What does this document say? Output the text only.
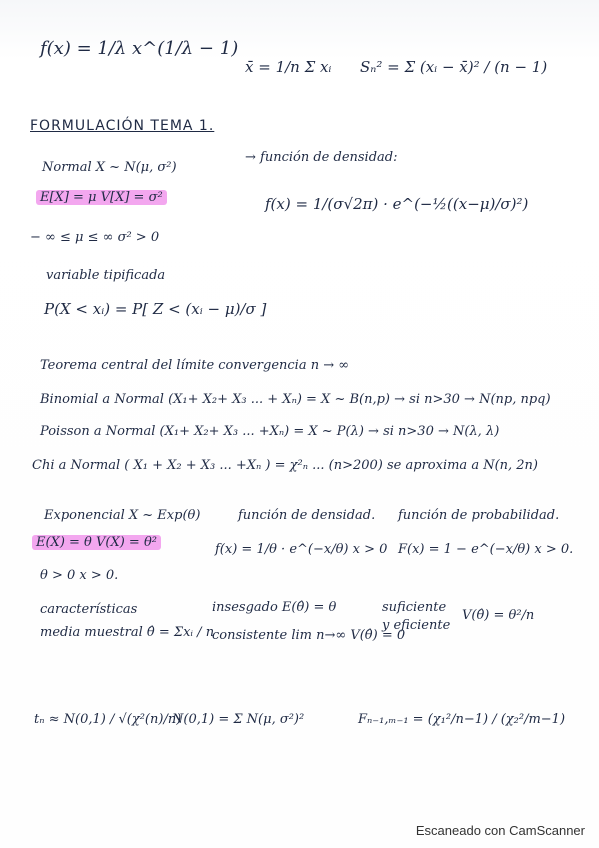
f(x) = 1/λ x^(1/λ − 1)
x̄ = 1/n Σ xᵢ Sₙ² = Σ (xᵢ − x̄)² / (n − 1)
FORMULACIÓN TEMA 1.
Normal X ~ N(μ, σ²)
→ función de densidad:
E[X] = μ V[X] = σ²	f(x) = 1/(σ√2π) · e^(−½((x−μ)/σ)²)
− ∞ ≤ μ ≤ ∞ σ² > 0
variable tipificada
P(X < xᵢ) = P[ Z < (xᵢ − μ)/σ ]
Teorema central del límite convergencia n → ∞
Binomial a Normal (X₁+ X₂+ X₃ ... + Xₙ) = X ~ B(n,p) → si n>30 → N(np, npq)
Poisson a Normal (X₁+ X₂+ X₃ ... +Xₙ) = X ~ P(λ) → si n>30 → N(λ, λ)
Chi a Normal ( X₁ + X₂ + X₃ ... +Xₙ ) = χ²ₙ ... (n>200) se aproxima a N(n, 2n)
Exponencial X ~ Exp(θ)	función de densidad. función de probabilidad.
E(X) = θ V(X) = θ²	f(x) = 1/θ · e^(−x/θ) x > 0 F(x) = 1 − e^(−x/θ) x > 0.
θ > 0 x > 0.
características
media muestral θ̂ = Σxᵢ / n
insesgado E(θ̂) = θ
consistente lim n→∞ V(θ̂) = 0
suficiente
y eficiente
V(θ̂) = θ²/n
tₙ ≈ N(0,1) / √(χ²(n)/n)
N(0,1) = Σ N(μ, σ²)²	Fₙ₋₁,ₘ₋₁ = (χ₁²/n−1) / (χ₂²/m−1)
Escaneado con CamScanner
